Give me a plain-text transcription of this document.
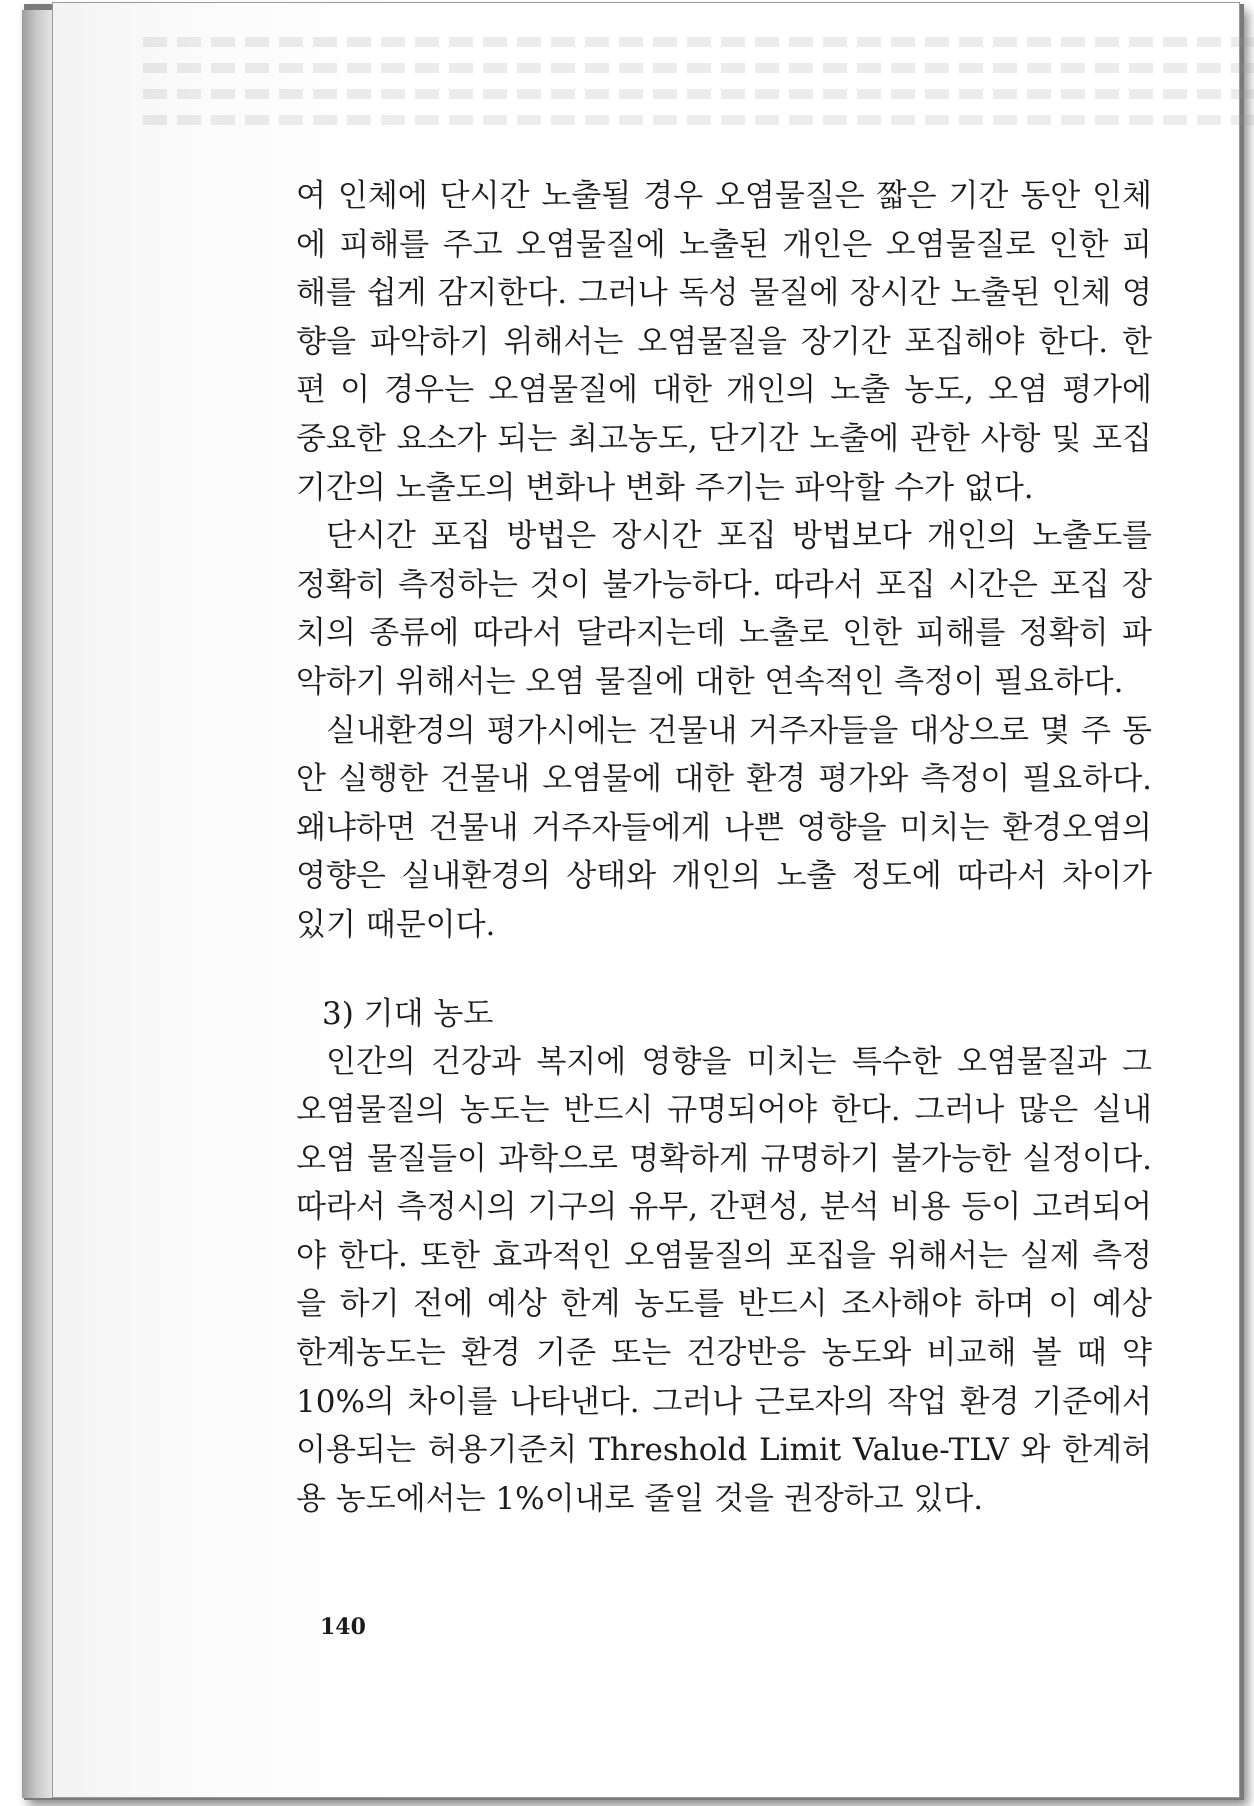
여 인체에 단시간 노출될 경우 오염물질은 짧은 기간 동안 인체에 피해를 주고 오염물질에 노출된 개인은 오염물질로 인한 피해를 쉽게 감지한다. 그러나 독성 물질에 장시간 노출된 인체 영향을 파악하기 위해서는 오염물질을 장기간 포집해야 한다. 한편 이 경우는 오염물질에 대한 개인의 노출 농도, 오염 평가에 중요한 요소가 되는 최고농도, 단기간 노출에 관한 사항 및 포집 기간의 노출도의 변화나 변화 주기는 파악할 수가 없다.

단시간 포집 방법은 장시간 포집 방법보다 개인의 노출도를 정확히 측정하는 것이 불가능하다. 따라서 포집 시간은 포집 장치의 종류에 따라서 달라지는데 노출로 인한 피해를 정확히 파악하기 위해서는 오염 물질에 대한 연속적인 측정이 필요하다.

실내환경의 평가시에는 건물내 거주자들을 대상으로 몇 주 동안 실행한 건물내 오염물에 대한 환경 평가와 측정이 필요하다. 왜냐하면 건물내 거주자들에게 나쁜 영향을 미치는 환경오염의 영향은 실내환경의 상태와 개인의 노출 정도에 따라서 차이가 있기 때문이다.

3) 기대 농도

인간의 건강과 복지에 영향을 미치는 특수한 오염물질과 그 오염물질의 농도는 반드시 규명되어야 한다. 그러나 많은 실내오염 물질들이 과학으로 명확하게 규명하기 불가능한 실정이다. 따라서 측정시의 기구의 유무, 간편성, 분석 비용 등이 고려되어야 한다. 또한 효과적인 오염물질의 포집을 위해서는 실제 측정을 하기 전에 예상 한계 농도를 반드시 조사해야 하며 이 예상 한계농도는 환경 기준 또는 건강반응 농도와 비교해 볼 때 약 10%의 차이를 나타낸다. 그러나 근로자의 작업 환경 기준에서 이용되는 허용기준치 Threshold Limit Value-TLV 와 한계허용 농도에서는 1%이내로 줄일 것을 권장하고 있다.

140
